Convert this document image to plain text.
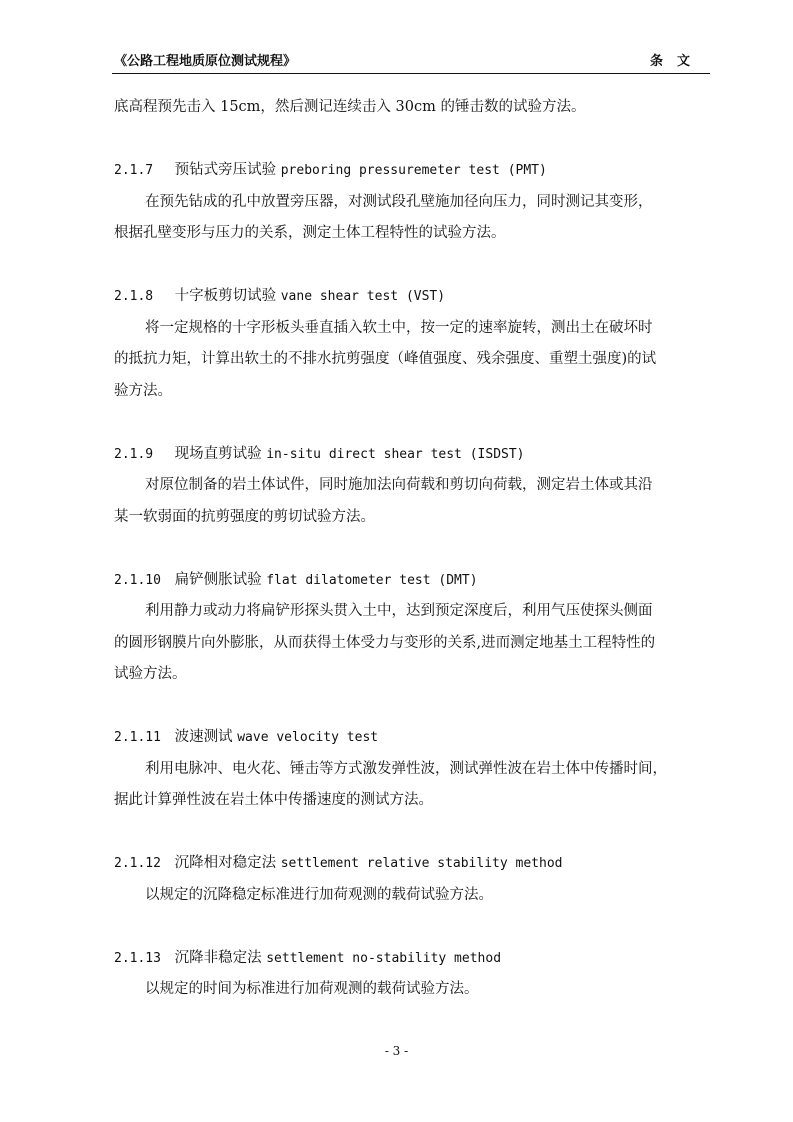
《公路工程地质原位测试规程》	条文
底高程预先击入 15cm，然后测记连续击入 30cm 的锤击数的试验方法。
2.1.7 预钻式旁压试验 preboring pressuremeter test (PMT)
在预先钻成的孔中放置旁压器，对测试段孔壁施加径向压力，同时测记其变形，
根据孔壁变形与压力的关系，测定土体工程特性的试验方法。
2.1.8 十字板剪切试验 vane shear test (VST)
将一定规格的十字形板头垂直插入软土中，按一定的速率旋转，测出土在破坏时
的抵抗力矩，计算出软土的不排水抗剪强度（峰值强度、残余强度、重塑土强度)的试
验方法。
2.1.9 现场直剪试验 in-situ direct shear test (ISDST)
对原位制备的岩土体试件，同时施加法向荷载和剪切向荷载，测定岩土体或其沿
某一软弱面的抗剪强度的剪切试验方法。
2.1.10 扁铲侧胀试验 flat dilatometer test (DMT)
利用静力或动力将扁铲形探头贯入土中，达到预定深度后，利用气压使探头侧面
的圆形钢膜片向外膨胀，从而获得土体受力与变形的关系,进而测定地基土工程特性的
试验方法。
2.1.11 波速测试 wave velocity test
利用电脉冲、电火花、锤击等方式激发弹性波，测试弹性波在岩土体中传播时间，
据此计算弹性波在岩土体中传播速度的测试方法。
2.1.12 沉降相对稳定法 settlement relative stability method
以规定的沉降稳定标准进行加荷观测的载荷试验方法。
2.1.13 沉降非稳定法 settlement no-stability method
以规定的时间为标准进行加荷观测的载荷试验方法。
- 3 -
